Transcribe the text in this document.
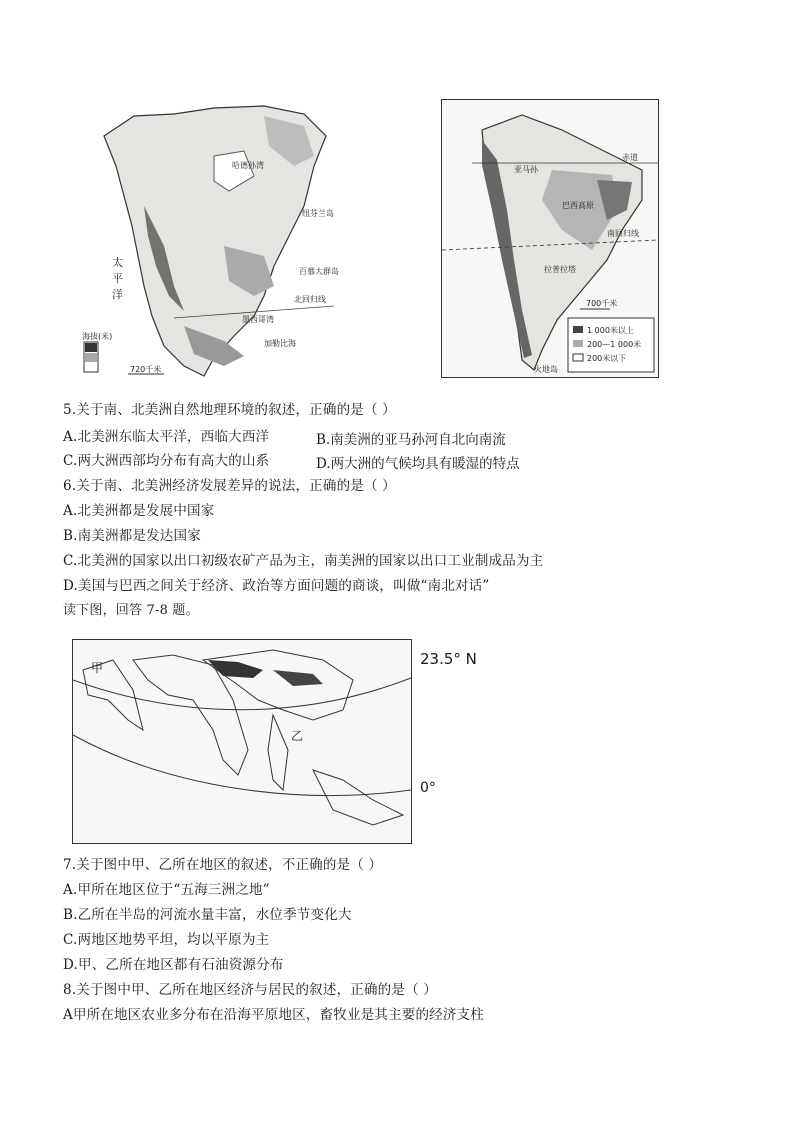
太
平
洋
墨西哥湾
加勒比海
百慕大群岛
纽芬兰岛
哈德孙湾
北回归线
海拔(米)
720千米
赤道
南回归线
亚马孙
巴西高原
拉普拉塔
火地岛
700千米
1 000米以上
200—1 000米
200米以下
5.关于南、北美洲自然地理环境的叙述，正确的是（ ）
A.北美洲东临太平洋，西临大西洋	B.南美洲的亚马孙河自北向南流
C.两大洲西部均分布有高大的山系	D.两大洲的气候均具有暖湿的特点
6.关于南、北美洲经济发展差异的说法，正确的是（ ）
A.北美洲都是发展中国家
B.南美洲都是发达国家
C.北美洲的国家以出口初级农矿产品为主，南美洲的国家以出口工业制成品为主
D.美国与巴西之间关于经济、政治等方面问题的商谈，叫做“南北对话”
读下图，回答 7-8 题。
甲
乙
23.5° N
0°
7.关于图中甲、乙所在地区的叙述，不正确的是（ ）
A.甲所在地区位于“五海三洲之地”
B.乙所在半岛的河流水量丰富，水位季节变化大
C.两地区地势平坦，均以平原为主
D.甲、乙所在地区都有石油资源分布
8.关于图中甲、乙所在地区经济与居民的叙述，正确的是（ ）
A甲所在地区农业多分布在沿海平原地区，畜牧业是其主要的经济支柱
